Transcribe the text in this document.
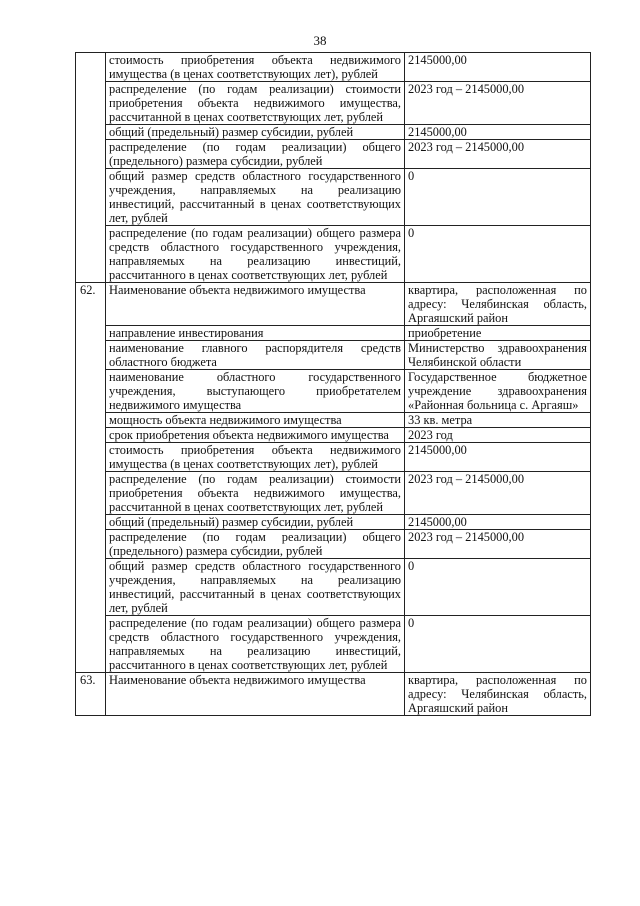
38
	стоимость приобретения объекта недвижимого имущества (в ценах соответствующих лет), рублей	2145000,00
	распределение (по годам реализации) стоимости приобретения объекта недвижимого имущества, рассчитанной в ценах соответствующих лет, рублей	2023 год – 2145000,00
	общий (предельный) размер субсидии, рублей	2145000,00
	распределение (по годам реализации) общего (предельного) размера субсидии, рублей	2023 год – 2145000,00
	общий размер средств областного государственного учреждения, направляемых на реализацию инвестиций, рассчитанный в ценах соответствующих лет, рублей	0
	распределение (по годам реализации) общего размера средств областного государственного учреждения, направляемых на реализацию инвестиций, рассчитанного в ценах соответствующих лет, рублей	0
62.	Наименование объекта недвижимого имущества	квартира, расположенная по адресу: Челябинская область, Аргаяшский район
	направление инвестирования	приобретение
	наименование главного распорядителя средств областного бюджета	Министерство здравоохранения Челябинской области
	наименование областного государственного учреждения, выступающего приобретателем недвижимого имущества	Государственное бюджетное учреждение здравоохранения «Районная больница с. Аргаяш»
	мощность объекта недвижимого имущества	33 кв. метра
	срок приобретения объекта недвижимого имущества	2023 год
	стоимость приобретения объекта недвижимого имущества (в ценах соответствующих лет), рублей	2145000,00
	распределение (по годам реализации) стоимости приобретения объекта недвижимого имущества, рассчитанной в ценах соответствующих лет, рублей	2023 год – 2145000,00
	общий (предельный) размер субсидии, рублей	2145000,00
	распределение (по годам реализации) общего (предельного) размера субсидии, рублей	2023 год – 2145000,00
	общий размер средств областного государственного учреждения, направляемых на реализацию инвестиций, рассчитанный в ценах соответствующих лет, рублей	0
	распределение (по годам реализации) общего размера средств областного государственного учреждения, направляемых на реализацию инвестиций, рассчитанного в ценах соответствующих лет, рублей	0
63.	Наименование объекта недвижимого имущества	квартира, расположенная по адресу: Челябинская область, Аргаяшский район
